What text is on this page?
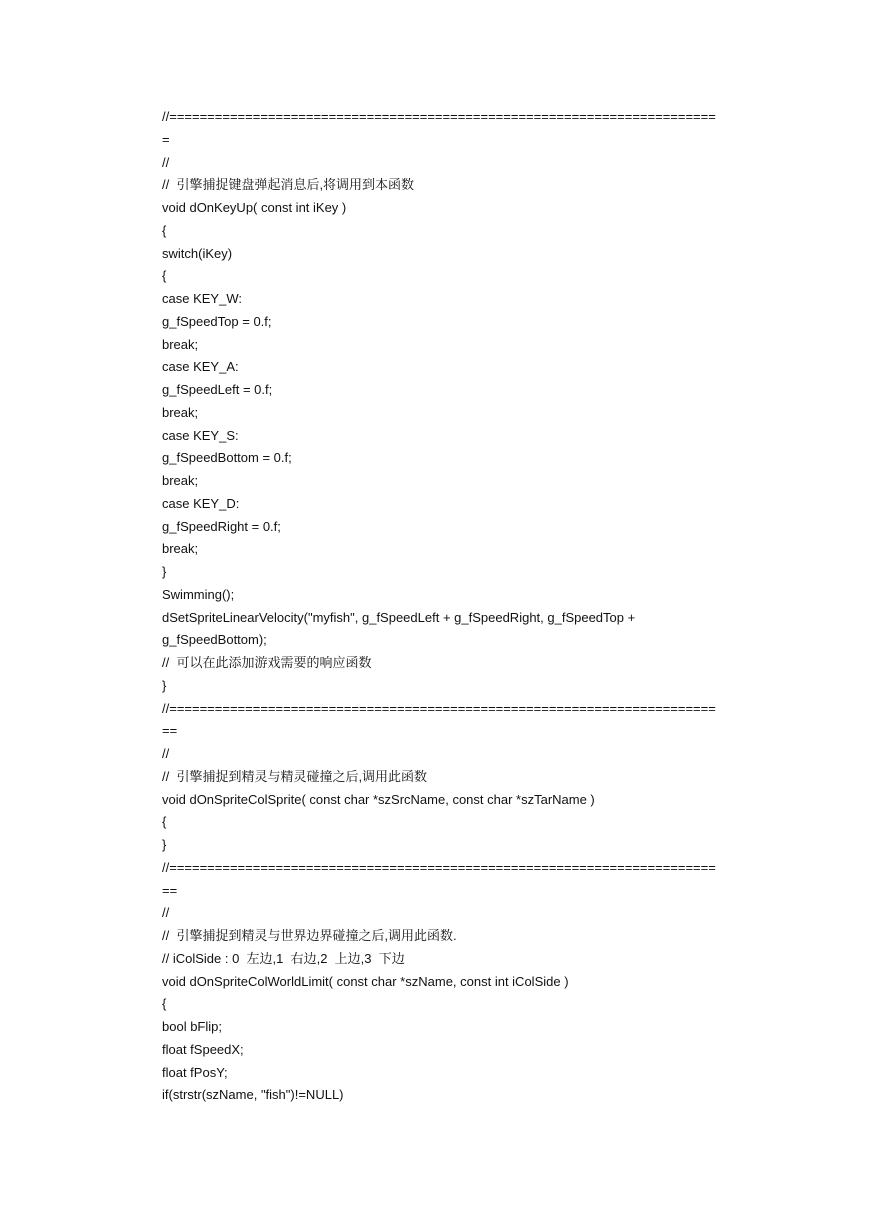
//========================================================================
=
//
//  引擎捕捉键盘弹起消息后,将调用到本函数
void dOnKeyUp( const int iKey )
{
switch(iKey)
{
case KEY_W:
g_fSpeedTop = 0.f;
break;
case KEY_A:
g_fSpeedLeft = 0.f;
break;
case KEY_S:
g_fSpeedBottom = 0.f;
break;
case KEY_D:
g_fSpeedRight = 0.f;
break;
}
Swimming();
dSetSpriteLinearVelocity("myfish", g_fSpeedLeft + g_fSpeedRight, g_fSpeedTop +
g_fSpeedBottom);
//  可以在此添加游戏需要的响应函数
}
//========================================================================
==
//
//  引擎捕捉到精灵与精灵碰撞之后,调用此函数
void dOnSpriteColSprite( const char *szSrcName, const char *szTarName )
{
}
//========================================================================
==
//
//  引擎捕捉到精灵与世界边界碰撞之后,调用此函数.
// iColSide : 0  左边,1  右边,2  上边,3  下边
void dOnSpriteColWorldLimit( const char *szName, const int iColSide )
{
bool bFlip;
float fSpeedX;
float fPosY;
if(strstr(szName, "fish")!=NULL)
